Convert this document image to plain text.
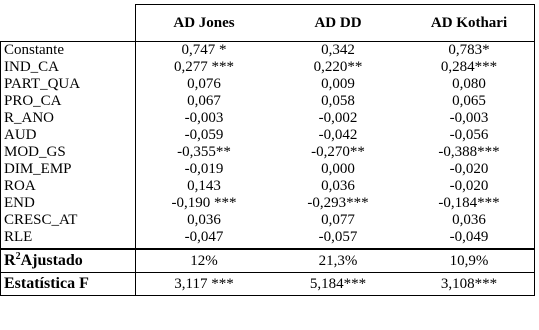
	AD Jones	AD DD	AD Kothari
Constante	0,747 *	0,342	0,783*
IND_CA	0,277 ***	0,220**	0,284***
PART_QUA	0,076	0,009	0,080
PRO_CA	0,067	0,058	0,065
R_ANO	-0,003	-0,002	-0,003
AUD	-0,059	-0,042	-0,056
MOD_GS	-0,355**	-0,270**	-0,388***
DIM_EMP	-0,019	0,000	-0,020
ROA	0,143	0,036	-0,020
END	-0,190 ***	-0,293***	-0,184***
CRESC_AT	0,036	0,077	0,036
RLE	-0,047	-0,057	-0,049
$R^2Ajustado$	12%	21,3%	10,9%
Estatística F	3,117 ***	5,184***	3,108***
